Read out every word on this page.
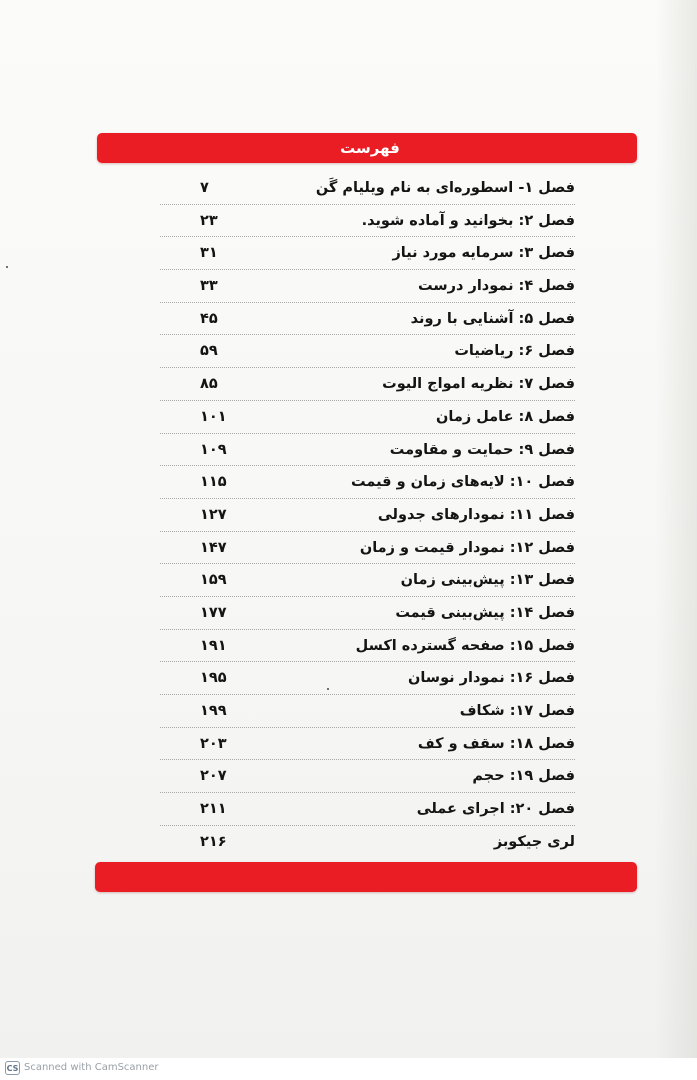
فهرست
فصل ۱- اسطوره‌ای به نام ویلیام گَن
۷
فصل ۲: بخوانید و آماده شوید.
۲۳
فصل ۳: سرمایه مورد نیاز
۳۱
فصل ۴: نمودار درست
۳۳
فصل ۵: آشنایی با روند
۴۵
فصل ۶: ریاضیات
۵۹
فصل ۷: نظریه امواج الیوت
۸۵
فصل ۸: عامل زمان
۱۰۱
فصل ۹: حمایت و مقاومت
۱۰۹
فصل ۱۰: لایه‌های زمان و قیمت
۱۱۵
فصل ۱۱: نمودارهای جدولی
۱۲۷
فصل ۱۲: نمودار قیمت و زمان
۱۴۷
فصل ۱۳: پیش‌بینی زمان
۱۵۹
فصل ۱۴: پیش‌بینی قیمت
۱۷۷
فصل ۱۵: صفحه گسترده اکسل
۱۹۱
فصل ۱۶: نمودار نوسان
۱۹۵
فصل ۱۷: شکاف
۱۹۹
فصل ۱۸: سقف و کف
۲۰۳
فصل ۱۹: حجم
۲۰۷
فصل ۲۰: اجرای عملی
۲۱۱
لری جیکوبز
۲۱۶
CS Scanned with CamScanner
